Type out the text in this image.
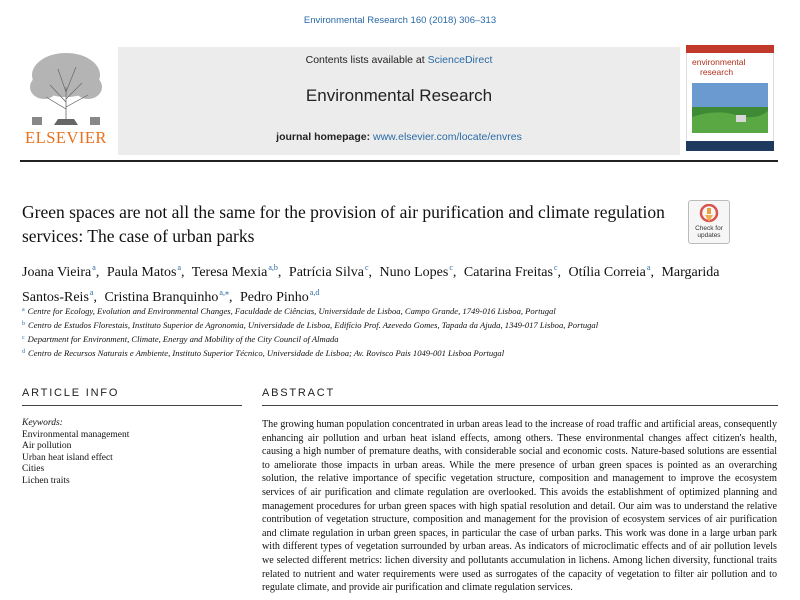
Environmental Research 160 (2018) 306–313
ELSEVIER
Contents lists available at ScienceDirect
Environmental Research
journal homepage: www.elsevier.com/locate/envres
environmental
research
Green spaces are not all the same for the provision of air purification and climate regulation services: The case of urban parks	Check for
updates
Joana Vieira$^a$, Paula Matos$^a$, Teresa Mexia$^{a,b}$, Patrícia Silva$^c$, Nuno Lopes$^c$, Catarina Freitas$^c$, Otília Correia$^a$, Margarida Santos-Reis$^a$, Cristina Branquinho$^{a,⁎}$, Pedro Pinho$^{a,d}$
$^a$ Centre for Ecology, Evolution and Environmental Changes, Faculdade de Ciências, Universidade de Lisboa, Campo Grande, 1749-016 Lisboa, Portugal
$^b$ Centro de Estudos Florestais, Instituto Superior de Agronomia, Universidade de Lisboa, Edifício Prof. Azevedo Gomes, Tapada da Ajuda, 1349-017 Lisboa, Portugal
$^c$ Department for Environment, Climate, Energy and Mobility of the City Council of Almada
$^d$ Centro de Recursos Naturais e Ambiente, Instituto Superior Técnico, Universidade de Lisboa; Av. Rovisco Pais 1049-001 Lisboa Portugal
ARTICLE INFO	ABSTRACT
Keywords:
Environmental management
Air pollution
Urban heat island effect
Cities
Lichen traits
The growing human population concentrated in urban areas lead to the increase of road traffic and artificial areas, consequently enhancing air pollution and urban heat island effects, among others. These environmental changes affect citizen's health, causing a high number of premature deaths, with considerable social and economic costs. Nature-based solutions are essential to ameliorate those impacts in urban areas. While the mere presence of urban green spaces is pointed as an overarching solution, the relative importance of specific vegetation structure, composition and management to improve the ecosystem services of air purification and climate regulation are overlooked. This avoids the establishment of optimized planning and management procedures for urban green spaces with high spatial resolution and detail. Our aim was to understand the relative contribution of vegetation structure, composition and management for the provision of ecosystem services of air purification and climate regulation in urban green spaces, in particular the case of urban parks. This work was done in a large urban park with different types of vegetation surrounded by urban areas. As indicators of microclimatic effects and of air pollution levels we selected different metrics: lichen diversity and pollutants accumulation in lichens. Among lichen diversity, functional traits related to nutrient and water requirements were used as surrogates of the capacity of vegetation to filter air pollution and to regulate climate, and provide air purification and climate regulation services.
